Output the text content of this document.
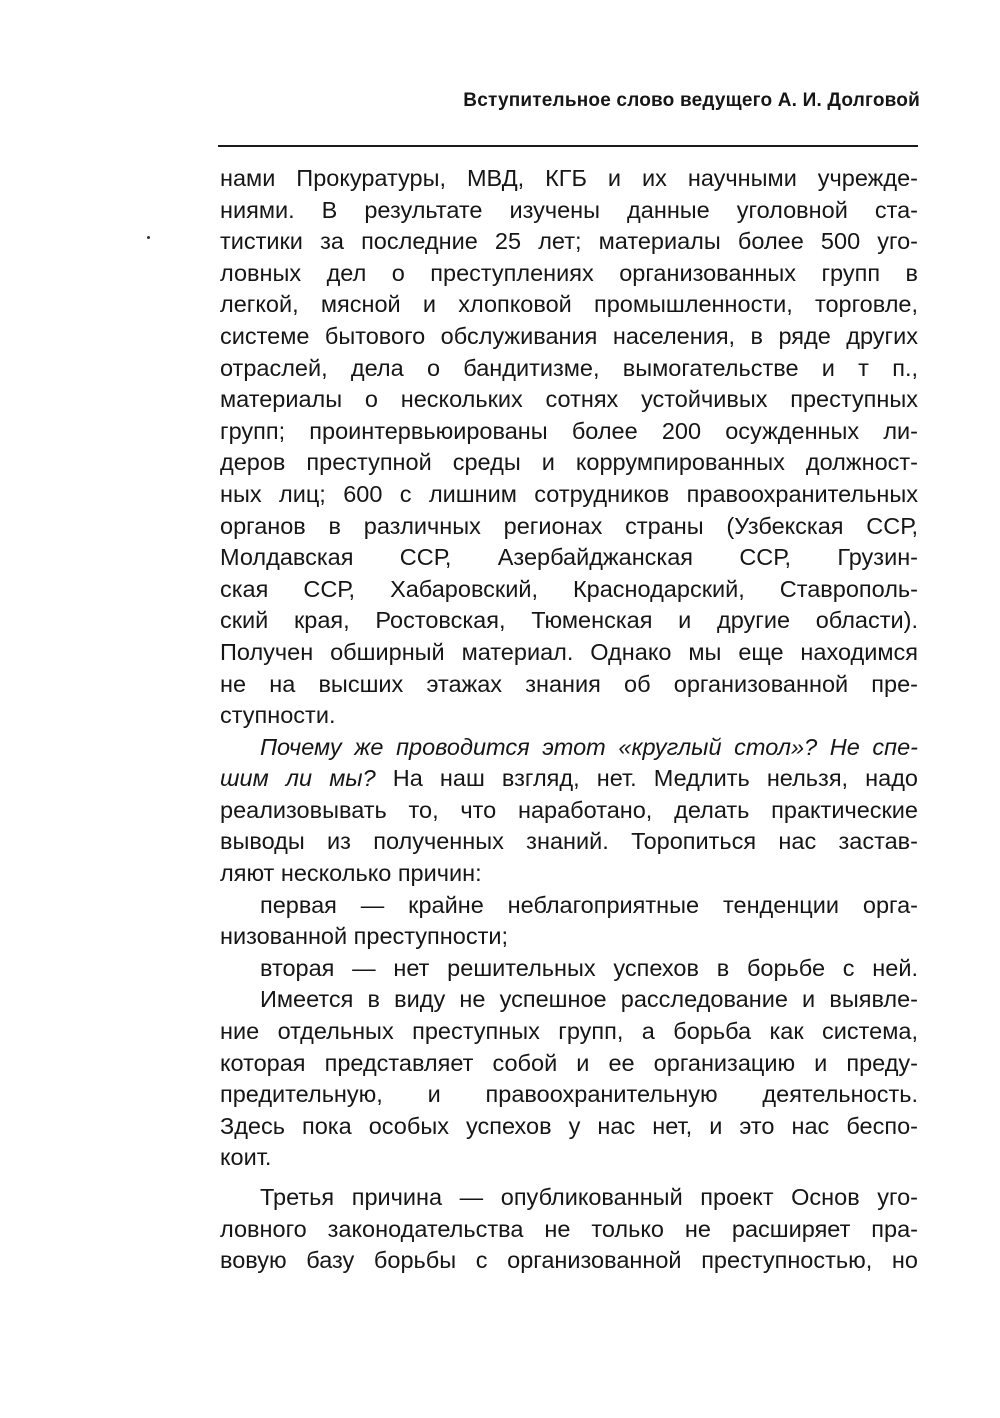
Вступительное слово ведущего А. И. Долговой
нами Прокуратуры, МВД, КГБ и их научными учрежде-
ниями. В результате изучены данные уголовной ста-
тистики за последние 25 лет; материалы более 500 уго-
ловных дел о преступлениях организованных групп в
легкой, мясной и хлопковой промышленности, торговле,
системе бытового обслуживания населения, в ряде других
отраслей, дела о бандитизме, вымогательстве и т п.,
материалы о нескольких сотнях устойчивых преступных
групп; проинтервьюированы более 200 осужденных ли-
деров преступной среды и коррумпированных должност-
ных лиц; 600 с лишним сотрудников правоохранительных
органов в различных регионах страны (Узбекская ССР,
Молдавская ССР, Азербайджанская ССР, Грузин-
ская ССР, Хабаровский, Краснодарский, Ставрополь-
ский края, Ростовская, Тюменская и другие области).
Получен обширный материал. Однако мы еще находимся
не на высших этажах знания об организованной пре-
ступности.
Почему же проводится этот «круглый стол»? Не спе-
шим ли мы? На наш взгляд, нет. Медлить нельзя, надо
реализовывать то, что наработано, делать практические
выводы из полученных знаний. Торопиться нас застав-
ляют несколько причин:
первая — крайне неблагоприятные тенденции орга-
низованной преступности;
вторая — нет решительных успехов в борьбе с ней.
Имеется в виду не успешное расследование и выявле-
ние отдельных преступных групп, а борьба как система,
которая представляет собой и ее организацию и преду-
предительную, и правоохранительную деятельность.
Здесь пока особых успехов у нас нет, и это нас беспо-
коит.
Третья причина — опубликованный проект Основ уго-
ловного законодательства не только не расширяет пра-
вовую базу борьбы с организованной преступностью, но
